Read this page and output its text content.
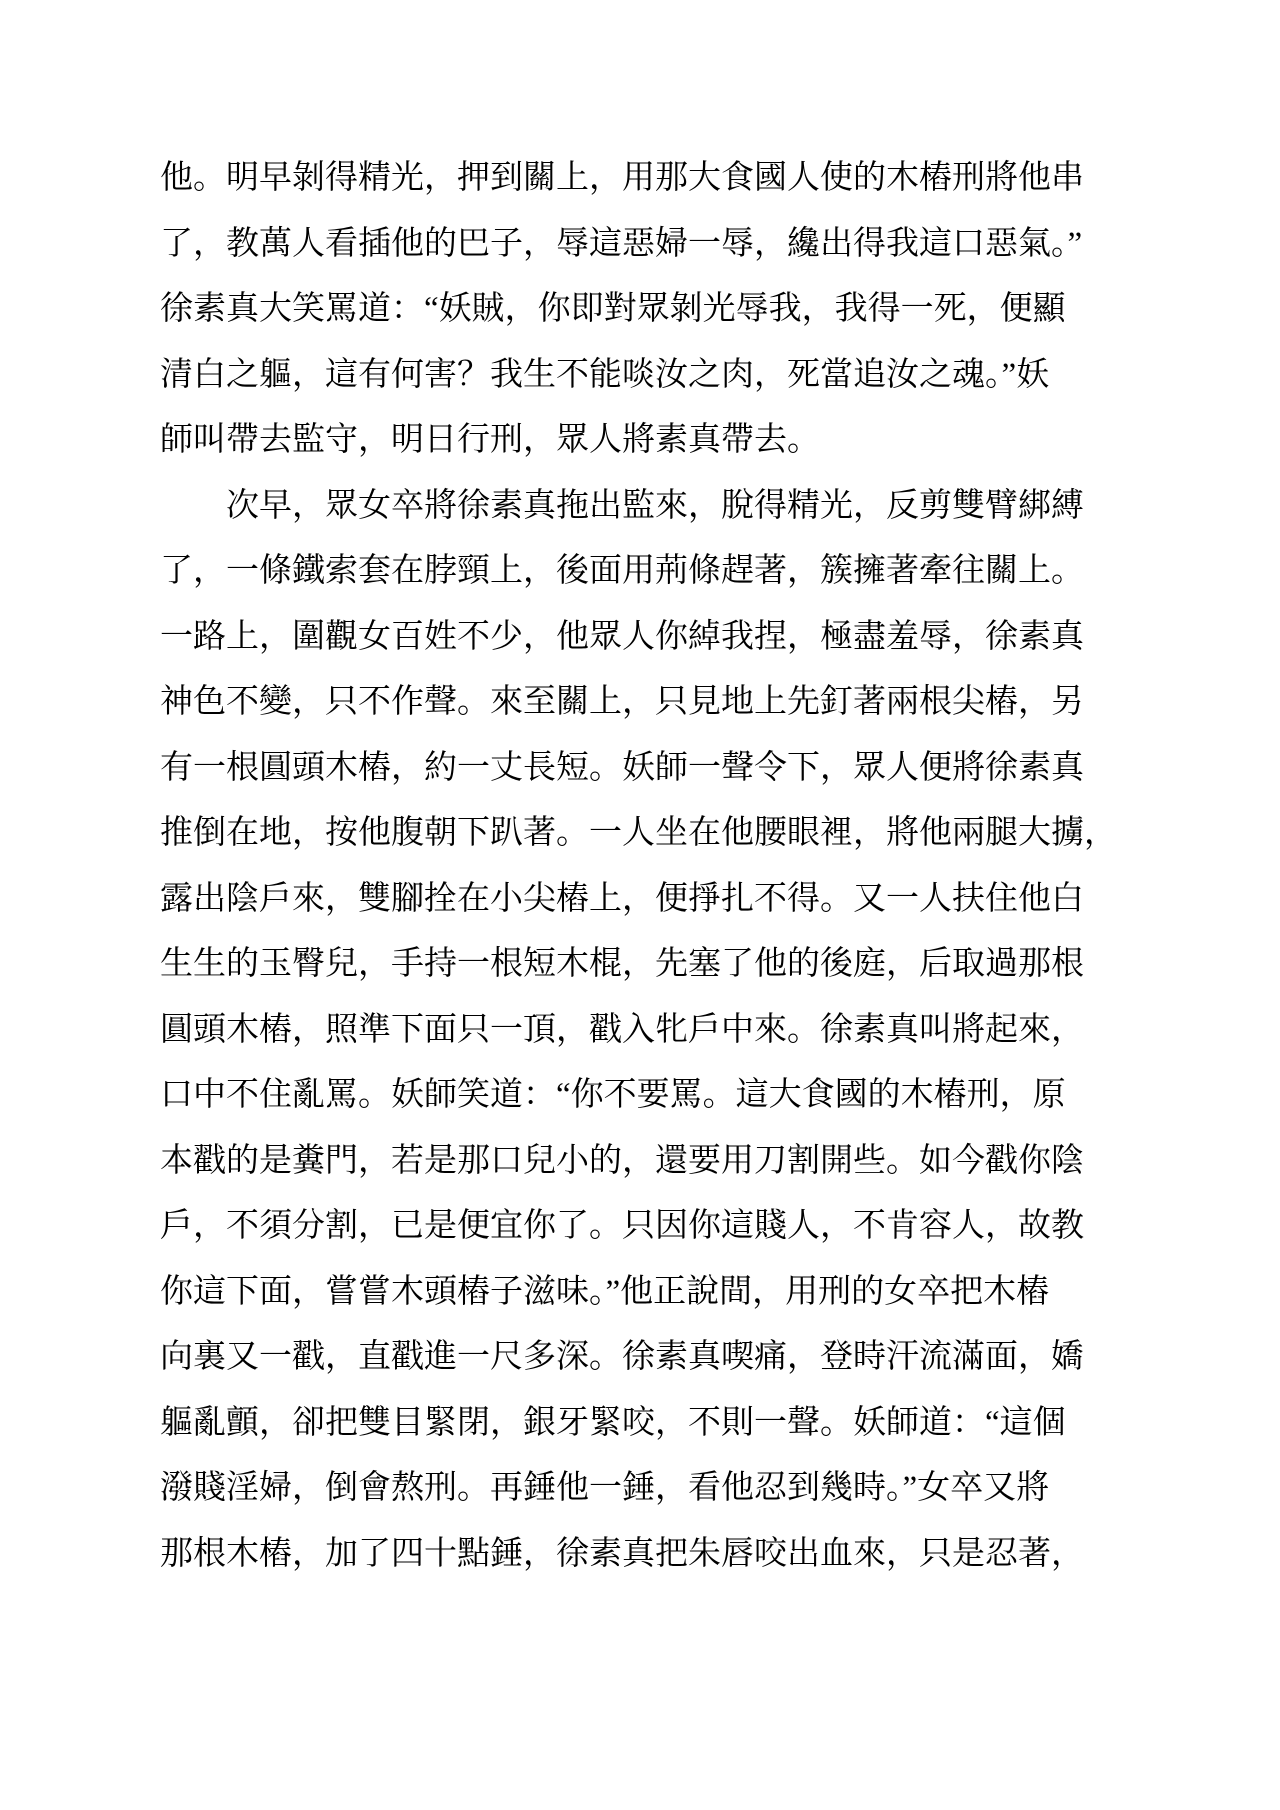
他。明早剝得精光，押到關上，用那大食國人使的木樁刑將他串
了，教萬人看插他的巴子，辱這惡婦一辱，纔出得我這口惡氣。”
徐素真大笑罵道：“妖賊，你即對眾剝光辱我，我得一死，便顯
清白之軀，這有何害？我生不能啖汝之肉，死當追汝之魂。”妖
師叫帶去監守，明日行刑，眾人將素真帶去。
次早，眾女卒將徐素真拖出監來，脫得精光，反剪雙臂綁縛
了，一條鐵索套在脖頸上，後面用荊條趕著，簇擁著牽往關上。
一路上，圍觀女百姓不少，他眾人你綽我捏，極盡羞辱，徐素真
神色不變，只不作聲。來至關上，只見地上先釘著兩根尖樁，另
有一根圓頭木樁，約一丈長短。妖師一聲令下，眾人便將徐素真
推倒在地，按他腹朝下趴著。一人坐在他腰眼裡，將他兩腿大擄，
露出陰戶來，雙腳拴在小尖樁上，便掙扎不得。又一人扶住他白
生生的玉臀兒，手持一根短木棍，先塞了他的後庭，后取過那根
圓頭木樁，照準下面只一頂，戳入牝戶中來。徐素真叫將起來，
口中不住亂罵。妖師笑道：“你不要罵。這大食國的木樁刑，原
本戳的是糞門，若是那口兒小的，還要用刀割開些。如今戳你陰
戶，不須分割，已是便宜你了。只因你這賤人，不肯容人，故教
你這下面，嘗嘗木頭樁子滋味。”他正說間，用刑的女卒把木樁
向裏又一戳，直戳進一尺多深。徐素真喫痛，登時汗流滿面，嬌
軀亂顫，卻把雙目緊閉，銀牙緊咬，不則一聲。妖師道：“這個
潑賤淫婦，倒會熬刑。再錘他一錘，看他忍到幾時。”女卒又將
那根木樁，加了四十點錘，徐素真把朱唇咬出血來，只是忍著，
